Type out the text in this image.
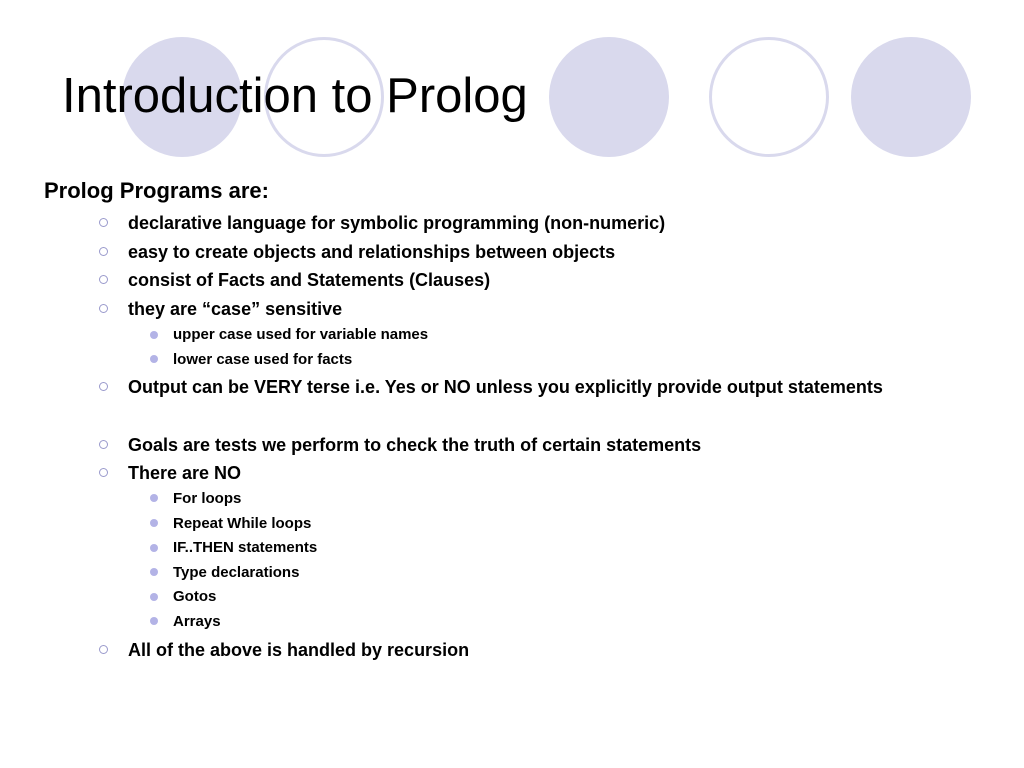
Introduction to Prolog
Prolog Programs are:
declarative language for symbolic programming (non-numeric)
easy to create objects and relationships between objects
consist of Facts and Statements (Clauses)
they are “case” sensitive
upper case used for variable names
lower case used for facts
Output can be VERY terse i.e. Yes or NO unless you explicitly provide output statements
Goals are tests we perform to check the truth of certain statements
There are NO
For loops
Repeat While loops
IF..THEN statements
Type declarations
Gotos
Arrays
All of the above is handled by recursion
